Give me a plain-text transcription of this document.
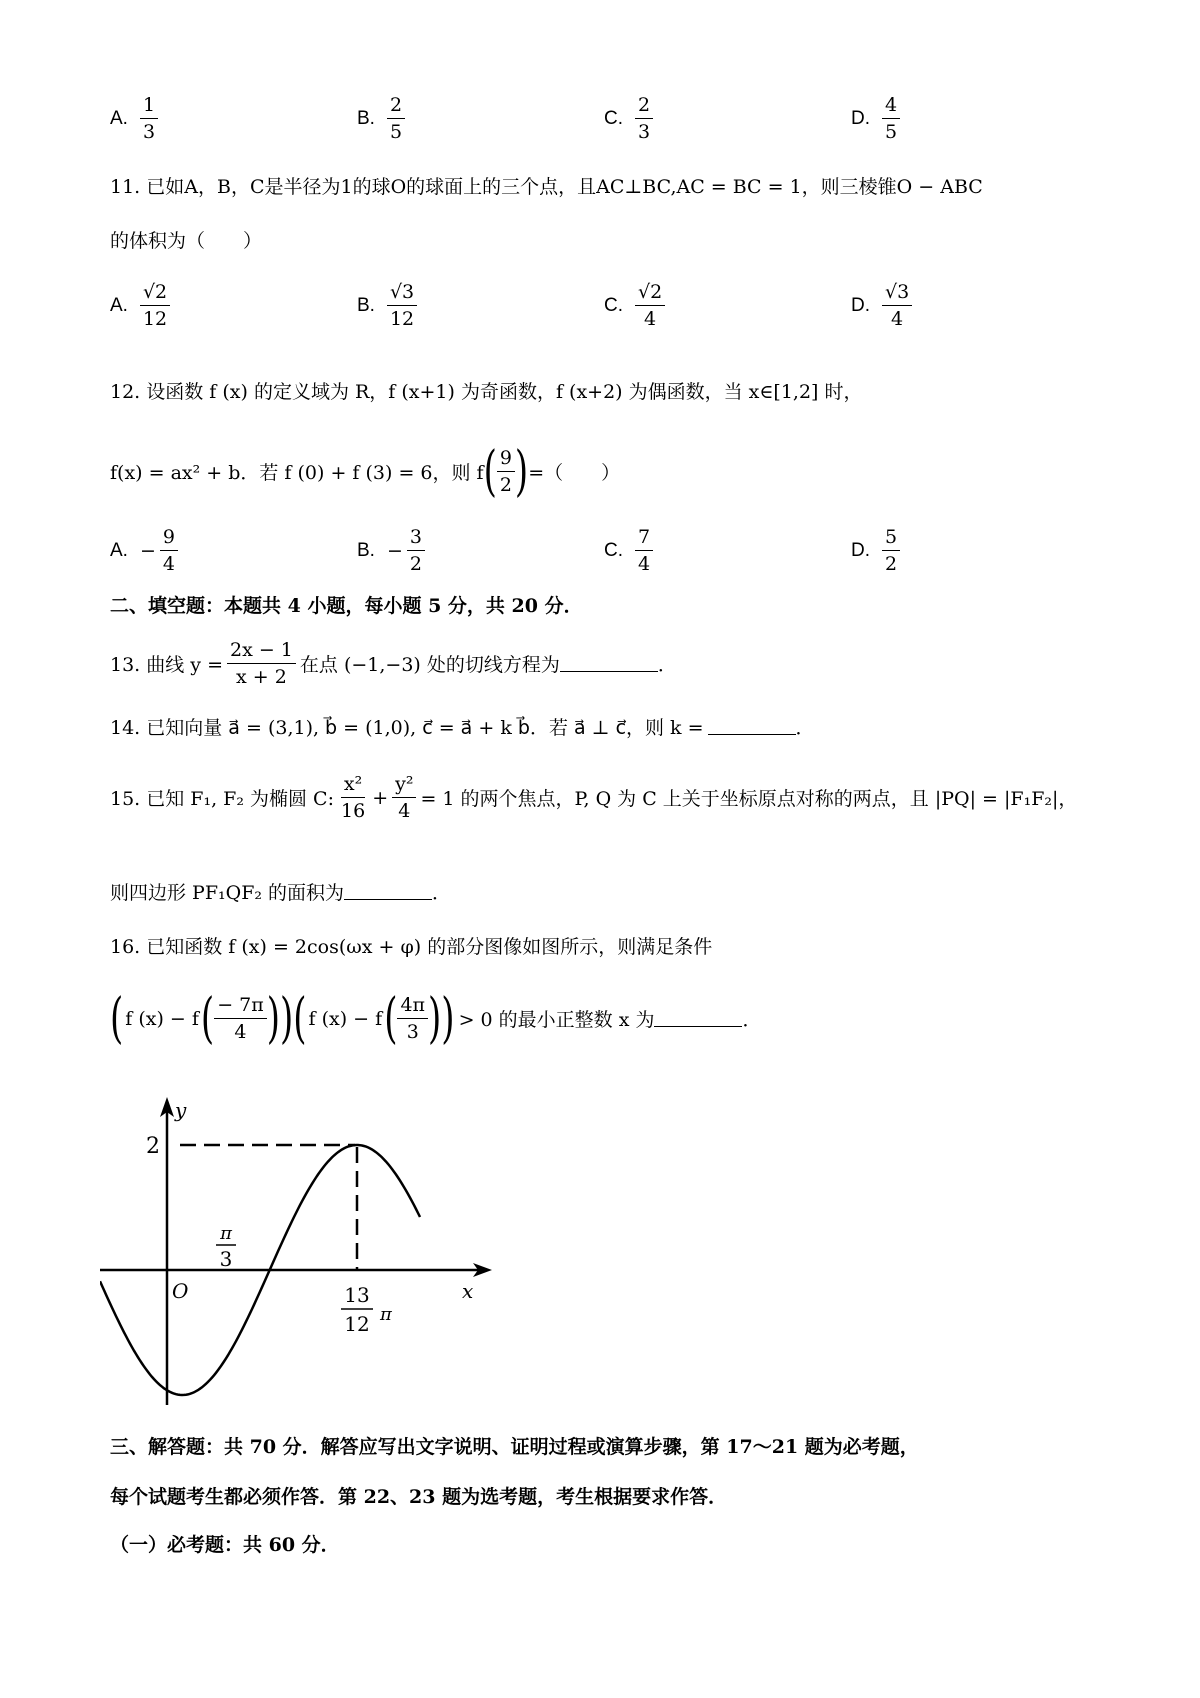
A. $\frac{1}{3}$	B. $\frac{2}{5}$	C. $\frac{2}{3}$	D. $\frac{4}{5}$
11. 已如A，B，C是半径为1的球O的球面上的三个点，且AC⊥BC,AC = BC = 1，则三棱锥O − ABC
的体积为（　　）
A. $\frac{√2}{12}$	B. $\frac{√3}{12}$	C. $\frac{√2}{4}$	D. $\frac{√3}{4}$
12. 设函数 f (x) 的定义域为 R，f (x+1) 为奇函数，f (x+2) 为偶函数，当 x∈[1,2] 时，
f(x) = ax² + b．若 f (0) + f (3) = 6，则 f ( $\frac{9}{2}$ ) =（　　）
A. − $\frac{9}{4}$	B. − $\frac{3}{2}$	C. $\frac{7}{4}$	D. $\frac{5}{2}$
二、填空题：本题共 4 小题，每小题 5 分，共 20 分．
13. 曲线 $y = \frac{2x - 1}{x + 2}$ 在点 (−1,−3) 处的切线方程为	．
14. 已知向量 a⃗ = (3,1), b⃗ = (1,0), c⃗ = a⃗ + k b⃗．若 a⃗ ⊥ c⃗，则 k =	．
15. 已知 F₁, F₂ 为椭圆 C: $\frac{\text{x²}}{16} + \frac{\text{y²}}{4} = 1$ 的两个焦点，P, Q 为 C 上关于坐标原点对称的两点，且 |PQ| = |F₁F₂|，
则四边形 PF₁QF₂ 的面积为	．
16. 已知函数 f (x) = 2cos(ωx + φ) 的部分图像如图所示，则满足条件
( f (x) − f ( $\frac{- 7\pi}{4}$ ) ) ( f (x) − f ( $\frac{4\pi}{3}$ ) ) > 0 的最小正整数 x 为	．
y
x
O
2
π
3
13
12 π
三、解答题：共 70 分．解答应写出文字说明、证明过程或演算步骤，第 17～21 题为必考题，
每个试题考生都必须作答．第 22、23 题为选考题，考生根据要求作答．
（一）必考题：共 60 分．
